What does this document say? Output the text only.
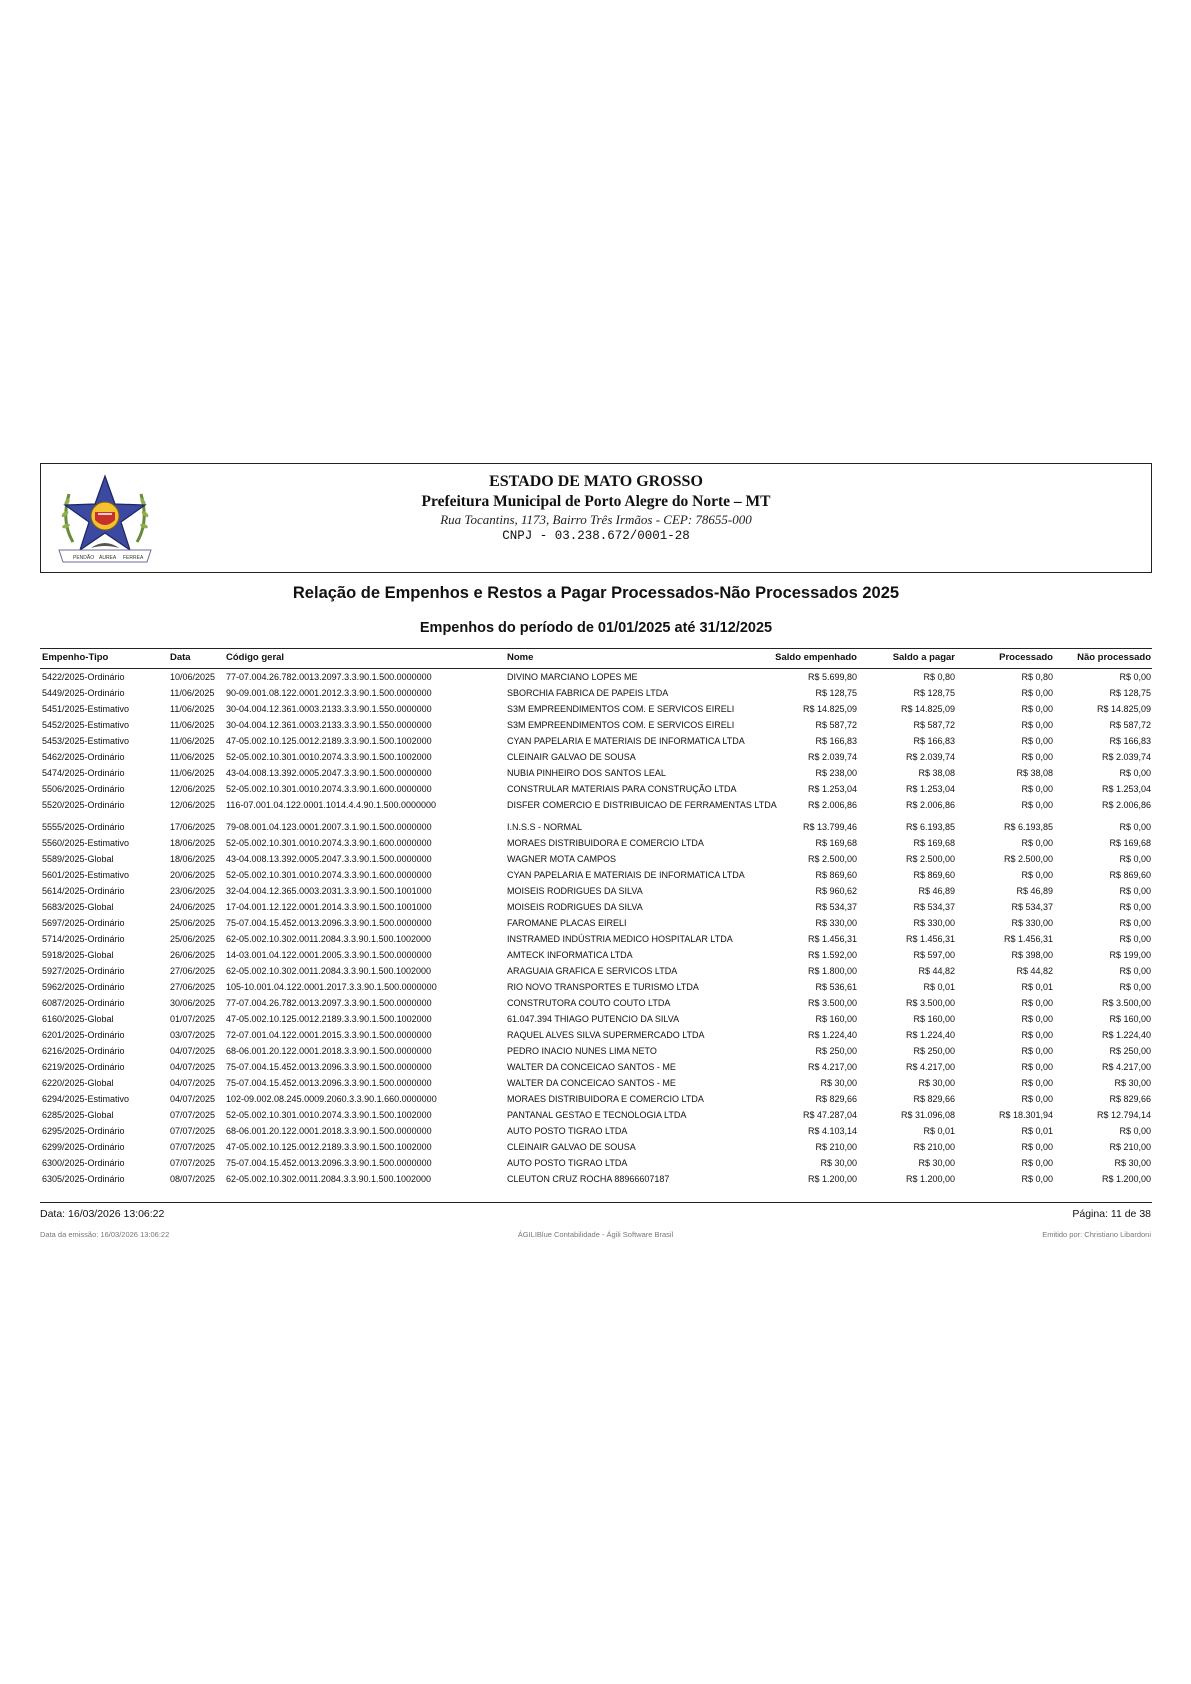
PENDÃO ÁUREA FERREA
ESTADO DE MATO GROSSO
Prefeitura Municipal de Porto Alegre do Norte – MT
Rua Tocantins, 1173, Bairro Três Irmãos - CEP: 78655-000
CNPJ - 03.238.672/0001-28
Relação de Empenhos e Restos a Pagar Processados-Não Processados 2025
Empenhos do período de 01/01/2025 até 31/12/2025
Empenho-Tipo	Data	Código geral	Nome	Saldo empenhado	Saldo a pagar	Processado	Não processado
5422/2025-Ordinário	10/06/2025 77-07.004.26.782.0013.2097.3.3.90.1.500.0000000	DIVINO MARCIANO LOPES ME	R$ 5.699,80	R$ 0,80	R$ 0,80	R$ 0,00
5449/2025-Ordinário	11/06/2025 90-09.001.08.122.0001.2012.3.3.90.1.500.0000000	SBORCHIA FABRICA DE PAPEIS LTDA	R$ 128,75	R$ 128,75	R$ 0,00	R$ 128,75
5451/2025-Estimativo	11/06/2025 30-04.004.12.361.0003.2133.3.3.90.1.550.0000000	S3M EMPREENDIMENTOS COM. E SERVICOS EIRELI	R$ 14.825,09	R$ 14.825,09	R$ 0,00	R$ 14.825,09
5452/2025-Estimativo	11/06/2025 30-04.004.12.361.0003.2133.3.3.90.1.550.0000000	S3M EMPREENDIMENTOS COM. E SERVICOS EIRELI	R$ 587,72	R$ 587,72	R$ 0,00	R$ 587,72
5453/2025-Estimativo	11/06/2025 47-05.002.10.125.0012.2189.3.3.90.1.500.1002000	CYAN PAPELARIA E MATERIAIS DE INFORMATICA LTDA	R$ 166,83	R$ 166,83	R$ 0,00	R$ 166,83
5462/2025-Ordinário	11/06/2025 52-05.002.10.301.0010.2074.3.3.90.1.500.1002000	CLEINAIR GALVAO DE SOUSA	R$ 2.039,74	R$ 2.039,74	R$ 0,00	R$ 2.039,74
5474/2025-Ordinário	11/06/2025 43-04.008.13.392.0005.2047.3.3.90.1.500.0000000	NUBIA PINHEIRO DOS SANTOS LEAL	R$ 238,00	R$ 38,08	R$ 38,08	R$ 0,00
5506/2025-Ordinário	12/06/2025 52-05.002.10.301.0010.2074.3.3.90.1.600.0000000	CONSTRULAR MATERIAIS PARA CONSTRUÇÃO LTDA	R$ 1.253,04	R$ 1.253,04	R$ 0,00	R$ 1.253,04
5520/2025-Ordinário	12/06/2025 116-07.001.04.122.0001.1014.4.4.90.1.500.0000000	DISFER COMERCIO E DISTRIBUICAO DE FERRAMENTAS LTDA	R$ 2.006,86	R$ 2.006,86	R$ 0,00	R$ 2.006,86
5555/2025-Ordinário	17/06/2025 79-08.001.04.123.0001.2007.3.1.90.1.500.0000000	I.N.S.S - NORMAL	R$ 13.799,46	R$ 6.193,85	R$ 6.193,85	R$ 0,00
5560/2025-Estimativo	18/06/2025 52-05.002.10.301.0010.2074.3.3.90.1.600.0000000	MORAES DISTRIBUIDORA E COMERCIO LTDA	R$ 169,68	R$ 169,68	R$ 0,00	R$ 169,68
5589/2025-Global	18/06/2025 43-04.008.13.392.0005.2047.3.3.90.1.500.0000000	WAGNER MOTA CAMPOS	R$ 2.500,00	R$ 2.500,00	R$ 2.500,00	R$ 0,00
5601/2025-Estimativo	20/06/2025 52-05.002.10.301.0010.2074.3.3.90.1.600.0000000	CYAN PAPELARIA E MATERIAIS DE INFORMATICA LTDA	R$ 869,60	R$ 869,60	R$ 0,00	R$ 869,60
5614/2025-Ordinário	23/06/2025 32-04.004.12.365.0003.2031.3.3.90.1.500.1001000	MOISEIS RODRIGUES DA SILVA	R$ 960,62	R$ 46,89	R$ 46,89	R$ 0,00
5683/2025-Global	24/06/2025 17-04.001.12.122.0001.2014.3.3.90.1.500.1001000	MOISEIS RODRIGUES DA SILVA	R$ 534,37	R$ 534,37	R$ 534,37	R$ 0,00
5697/2025-Ordinário	25/06/2025 75-07.004.15.452.0013.2096.3.3.90.1.500.0000000	FAROMANE PLACAS EIRELI	R$ 330,00	R$ 330,00	R$ 330,00	R$ 0,00
5714/2025-Ordinário	25/06/2025 62-05.002.10.302.0011.2084.3.3.90.1.500.1002000	INSTRAMED INDÚSTRIA MEDICO HOSPITALAR LTDA	R$ 1.456,31	R$ 1.456,31	R$ 1.456,31	R$ 0,00
5918/2025-Global	26/06/2025 14-03.001.04.122.0001.2005.3.3.90.1.500.0000000	AMTECK INFORMATICA LTDA	R$ 1.592,00	R$ 597,00	R$ 398,00	R$ 199,00
5927/2025-Ordinário	27/06/2025 62-05.002.10.302.0011.2084.3.3.90.1.500.1002000	ARAGUAIA GRAFICA E SERVICOS LTDA	R$ 1.800,00	R$ 44,82	R$ 44,82	R$ 0,00
5962/2025-Ordinário	27/06/2025 105-10.001.04.122.0001.2017.3.3.90.1.500.0000000	RIO NOVO TRANSPORTES E TURISMO LTDA	R$ 536,61	R$ 0,01	R$ 0,01	R$ 0,00
6087/2025-Ordinário	30/06/2025 77-07.004.26.782.0013.2097.3.3.90.1.500.0000000	CONSTRUTORA COUTO COUTO LTDA	R$ 3.500,00	R$ 3.500,00	R$ 0,00	R$ 3.500,00
6160/2025-Global	01/07/2025 47-05.002.10.125.0012.2189.3.3.90.1.500.1002000	61.047.394 THIAGO PUTENCIO DA SILVA	R$ 160,00	R$ 160,00	R$ 0,00	R$ 160,00
6201/2025-Ordinário	03/07/2025 72-07.001.04.122.0001.2015.3.3.90.1.500.0000000	RAQUEL ALVES SILVA SUPERMERCADO LTDA	R$ 1.224,40	R$ 1.224,40	R$ 0,00	R$ 1.224,40
6216/2025-Ordinário	04/07/2025 68-06.001.20.122.0001.2018.3.3.90.1.500.0000000	PEDRO INACIO NUNES LIMA NETO	R$ 250,00	R$ 250,00	R$ 0,00	R$ 250,00
6219/2025-Ordinário	04/07/2025 75-07.004.15.452.0013.2096.3.3.90.1.500.0000000	WALTER DA CONCEICAO SANTOS - ME	R$ 4.217,00	R$ 4.217,00	R$ 0,00	R$ 4.217,00
6220/2025-Global	04/07/2025 75-07.004.15.452.0013.2096.3.3.90.1.500.0000000	WALTER DA CONCEICAO SANTOS - ME	R$ 30,00	R$ 30,00	R$ 0,00	R$ 30,00
6294/2025-Estimativo	04/07/2025 102-09.002.08.245.0009.2060.3.3.90.1.660.0000000	MORAES DISTRIBUIDORA E COMERCIO LTDA	R$ 829,66	R$ 829,66	R$ 0,00	R$ 829,66
6285/2025-Global	07/07/2025 52-05.002.10.301.0010.2074.3.3.90.1.500.1002000	PANTANAL GESTAO E TECNOLOGIA LTDA	R$ 47.287,04	R$ 31.096,08	R$ 18.301,94	R$ 12.794,14
6295/2025-Ordinário	07/07/2025 68-06.001.20.122.0001.2018.3.3.90.1.500.0000000	AUTO POSTO TIGRAO LTDA	R$ 4.103,14	R$ 0,01	R$ 0,01	R$ 0,00
6299/2025-Ordinário	07/07/2025 47-05.002.10.125.0012.2189.3.3.90.1.500.1002000	CLEINAIR GALVAO DE SOUSA	R$ 210,00	R$ 210,00	R$ 0,00	R$ 210,00
6300/2025-Ordinário	07/07/2025 75-07.004.15.452.0013.2096.3.3.90.1.500.0000000	AUTO POSTO TIGRAO LTDA	R$ 30,00	R$ 30,00	R$ 0,00	R$ 30,00
6305/2025-Ordinário	08/07/2025 62-05.002.10.302.0011.2084.3.3.90.1.500.1002000	CLEUTON CRUZ ROCHA 88966607187	R$ 1.200,00	R$ 1.200,00	R$ 0,00	R$ 1.200,00
Data: 16/03/2026 13:06:22	Página: 11 de 38
Data da emissão: 16/03/2026 13:06:22	ÁGILIBlue Contabilidade - Ágili Software Brasil	Emitido por: Christiano Libardoni
